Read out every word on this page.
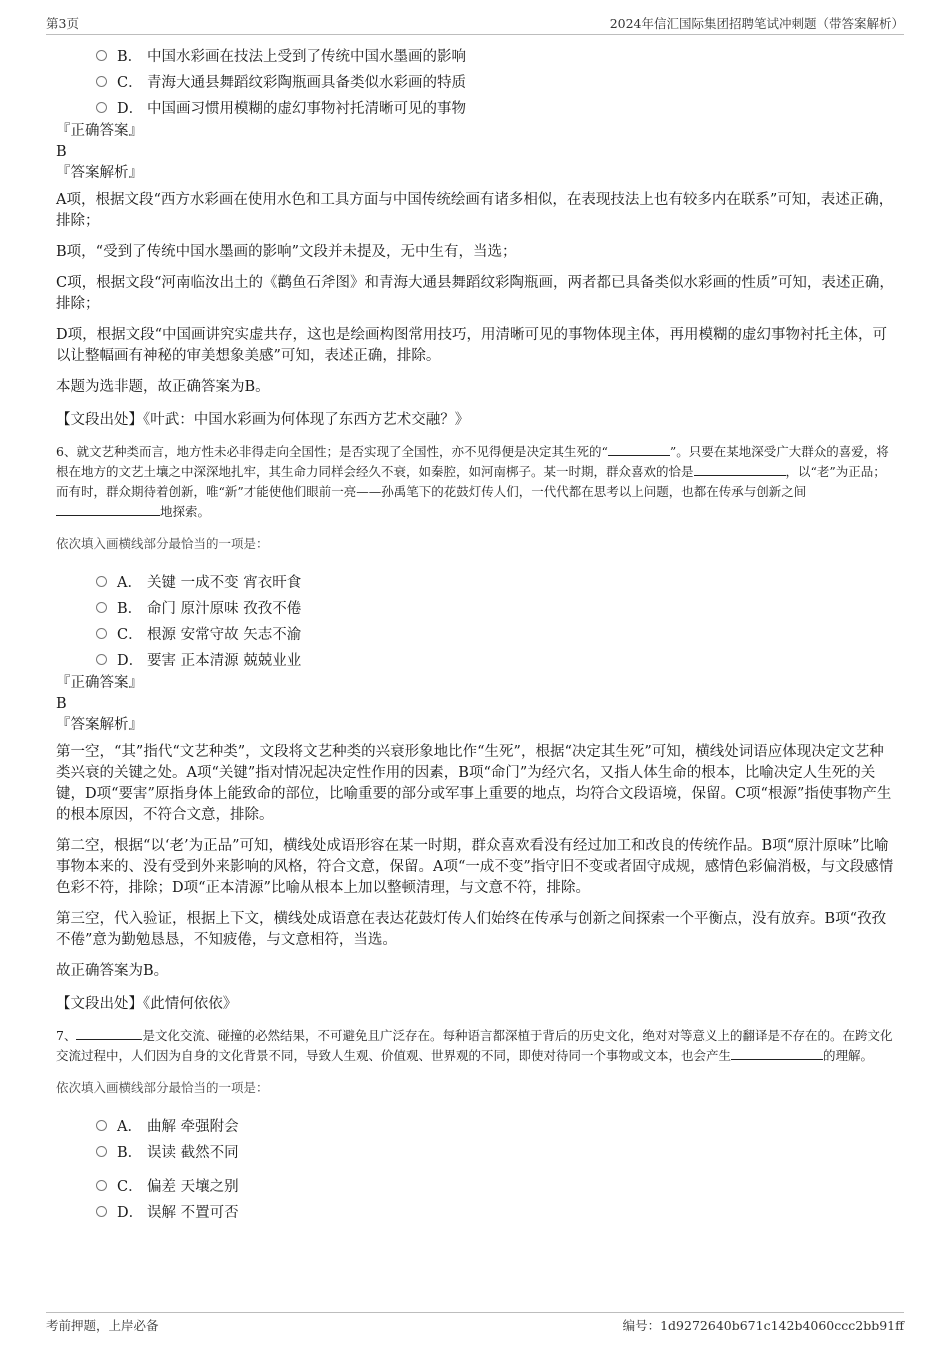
第3页	2024年信汇国际集团招聘笔试冲刺题（带答案解析）
B． 中国水彩画在技法上受到了传统中国水墨画的影响
C． 青海大通县舞蹈纹彩陶瓶画具备类似水彩画的特质
D． 中国画习惯用模糊的虚幻事物衬托清晰可见的事物
『正确答案』
B
『答案解析』

A项，根据文段“西方水彩画在使用水色和工具方面与中国传统绘画有诸多相似，在表现技法上也有较多内在联系”可知，表述正确，排除；

B项，“受到了传统中国水墨画的影响”文段并未提及，无中生有，当选；

C项，根据文段“河南临汝出土的《鹳鱼石斧图》和青海大通县舞蹈纹彩陶瓶画，两者都已具备类似水彩画的性质”可知，表述正确，排除；

D项，根据文段“中国画讲究实虚共存，这也是绘画构图常用技巧，用清晰可见的事物体现主体，再用模糊的虚幻事物衬托主体，可以让整幅画有神秘的审美想象美感”可知，表述正确，排除。

本题为选非题，故正确答案为B。

【文段出处】《叶武：中国水彩画为何体现了东西方艺术交融？》
6、就文艺种类而言，地方性未必非得走向全国性；是否实现了全国性，亦不见得便是决定其生死的“	”。只要在某地深受广大群众的喜爱，将根在地方的文艺土壤之中深深地扎牢，其生命力同样会经久不衰，如秦腔，如河南梆子。某一时期，群众喜欢的恰是	，以“老”为正品；而有时，群众期待着创新，唯“新”才能使他们眼前一亮——孙禹笔下的花鼓灯传人们，一代代都在思考以上问题，也都在传承与创新之间地探索。
依次填入画横线部分最恰当的一项是：
A． 关键 一成不变 宵衣旰食
B． 命门 原汁原味 孜孜不倦
C． 根源 安常守故 矢志不渝
D． 要害 正本清源 兢兢业业
『正确答案』
B
『答案解析』

第一空，“其”指代“文艺种类”，文段将文艺种类的兴衰形象地比作“生死”，根据“决定其生死”可知，横线处词语应体现决定文艺种类兴衰的关键之处。A项“关键”指对情况起决定性作用的因素，B项“命门”为经穴名，又指人体生命的根本，比喻决定人生死的关键，D项“要害”原指身体上能致命的部位，比喻重要的部分或军事上重要的地点，均符合文段语境，保留。C项“根源”指使事物产生的根本原因，不符合文意，排除。

第二空，根据“以‘老’为正品”可知，横线处成语形容在某一时期，群众喜欢看没有经过加工和改良的传统作品。B项“原汁原味”比喻事物本来的、没有受到外来影响的风格，符合文意，保留。A项“一成不变”指守旧不变或者固守成规，感情色彩偏消极，与文段感情色彩不符，排除；D项“正本清源”比喻从根本上加以整顿清理，与文意不符，排除。

第三空，代入验证，根据上下文，横线处成语意在表达花鼓灯传人们始终在传承与创新之间探索一个平衡点，没有放弃。B项“孜孜不倦”意为勤勉恳恳，不知疲倦，与文意相符，当选。

故正确答案为B。

【文段出处】《此情何依依》
7、	是文化交流、碰撞的必然结果，不可避免且广泛存在。每种语言都深植于背后的历史文化，绝对对等意义上的翻译是不存在的。在跨文化交流过程中，人们因为自身的文化背景不同，导致人生观、价值观、世界观的不同，即使对待同一个事物或文本，也会产生	的理解。
依次填入画横线部分最恰当的一项是：
A． 曲解 牵强附会
B． 误读 截然不同
C． 偏差 天壤之别
D． 误解 不置可否
考前押题，上岸必备	编号：1d9272640b671c142b4060ccc2bb91ff
